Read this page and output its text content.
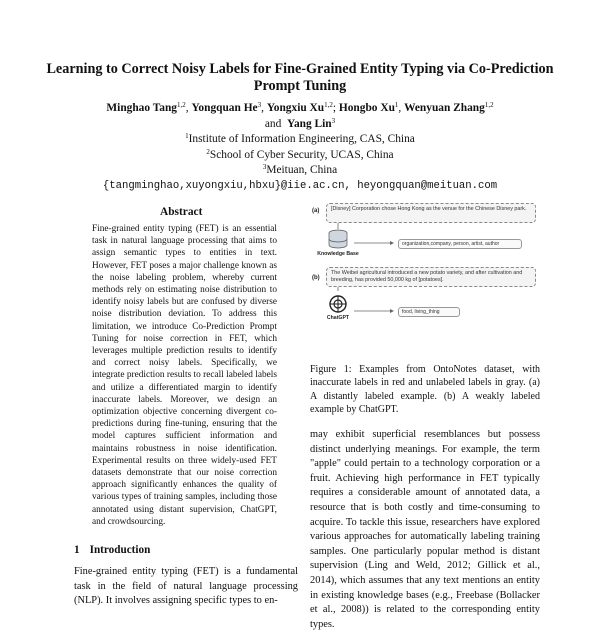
Learning to Correct Noisy Labels for Fine-Grained Entity Typing via Co-Prediction Prompt Tuning
Minghao Tang$^{1,2}$, Yongquan He$^3$, Yongxiu Xu$^{1,2}$; Hongbo Xu$^1$, Wenyuan Zhang$^{1,2}$
and Yang Lin$^3$
$^1$Institute of Information Engineering, CAS, China
$^2$School of Cyber Security, UCAS, China
$^3$Meituan, China
{tangminghao,xuyongxiu,hbxu}@iie.ac.cn, heyongquan@meituan.com
Abstract
Fine-grained entity typing (FET) is an essential task in natural language processing that aims to assign semantic types to entities in text. However, FET poses a major challenge known as the noise labeling problem, whereby current methods rely on estimating noise distribution to identify noisy labels but are confused by diverse noise distribution deviation. To address this limitation, we introduce Co-Prediction Prompt Tuning for noise correction in FET, which leverages multiple prediction results to identify and correct noisy labels. Specifically, we integrate prediction results to recall labeled labels and utilize a differentiated margin to identify inaccurate labels. Moreover, we design an optimization objective concerning divergent co-predictions during fine-tuning, ensuring that the model captures sufficient information and maintains robustness in noise identification. Experimental results on three widely-used FET datasets demonstrate that our noise correction approach significantly enhances the quality of various types of training samples, including those annotated using distant supervision, ChatGPT, and crowdsourcing.
1 Introduction
Fine-grained entity typing (FET) is a fundamental task in the field of natural language processing (NLP). It involves assigning specific types to en-
(a)	[Disney] Corporation chose Hong Kong as the venue for the Chinese Disney park.
Knowledge Base
organization,company, person, artist, author
(b)
The Weibei agricultural introduced a new potato variety, and after cultivation and breeding, has provided 50,000 kg of [potatoes].
ChatGPT
food, living_thing
Figure 1: Examples from OntoNotes dataset, with inaccurate labels in red and unlabeled labels in gray. (a) A distantly labeled example. (b) A weakly labeled example by ChatGPT.
may exhibit superficial resemblances but possess distinct underlying meanings. For example, the term "apple" could pertain to a technology corporation or a fruit. Achieving high performance in FET typically requires a considerable amount of annotated data, a resource that is both costly and time-consuming to acquire. To tackle this issue, researchers have explored various approaches for automatically labeling training samples. One particularly popular method is distant supervision (Ling and Weld, 2012; Gillick et al., 2014), which assumes that any text mentions an entity in existing knowledge bases (e.g., Freebase (Bollacker et al., 2008)) is related to the corresponding entity types.
